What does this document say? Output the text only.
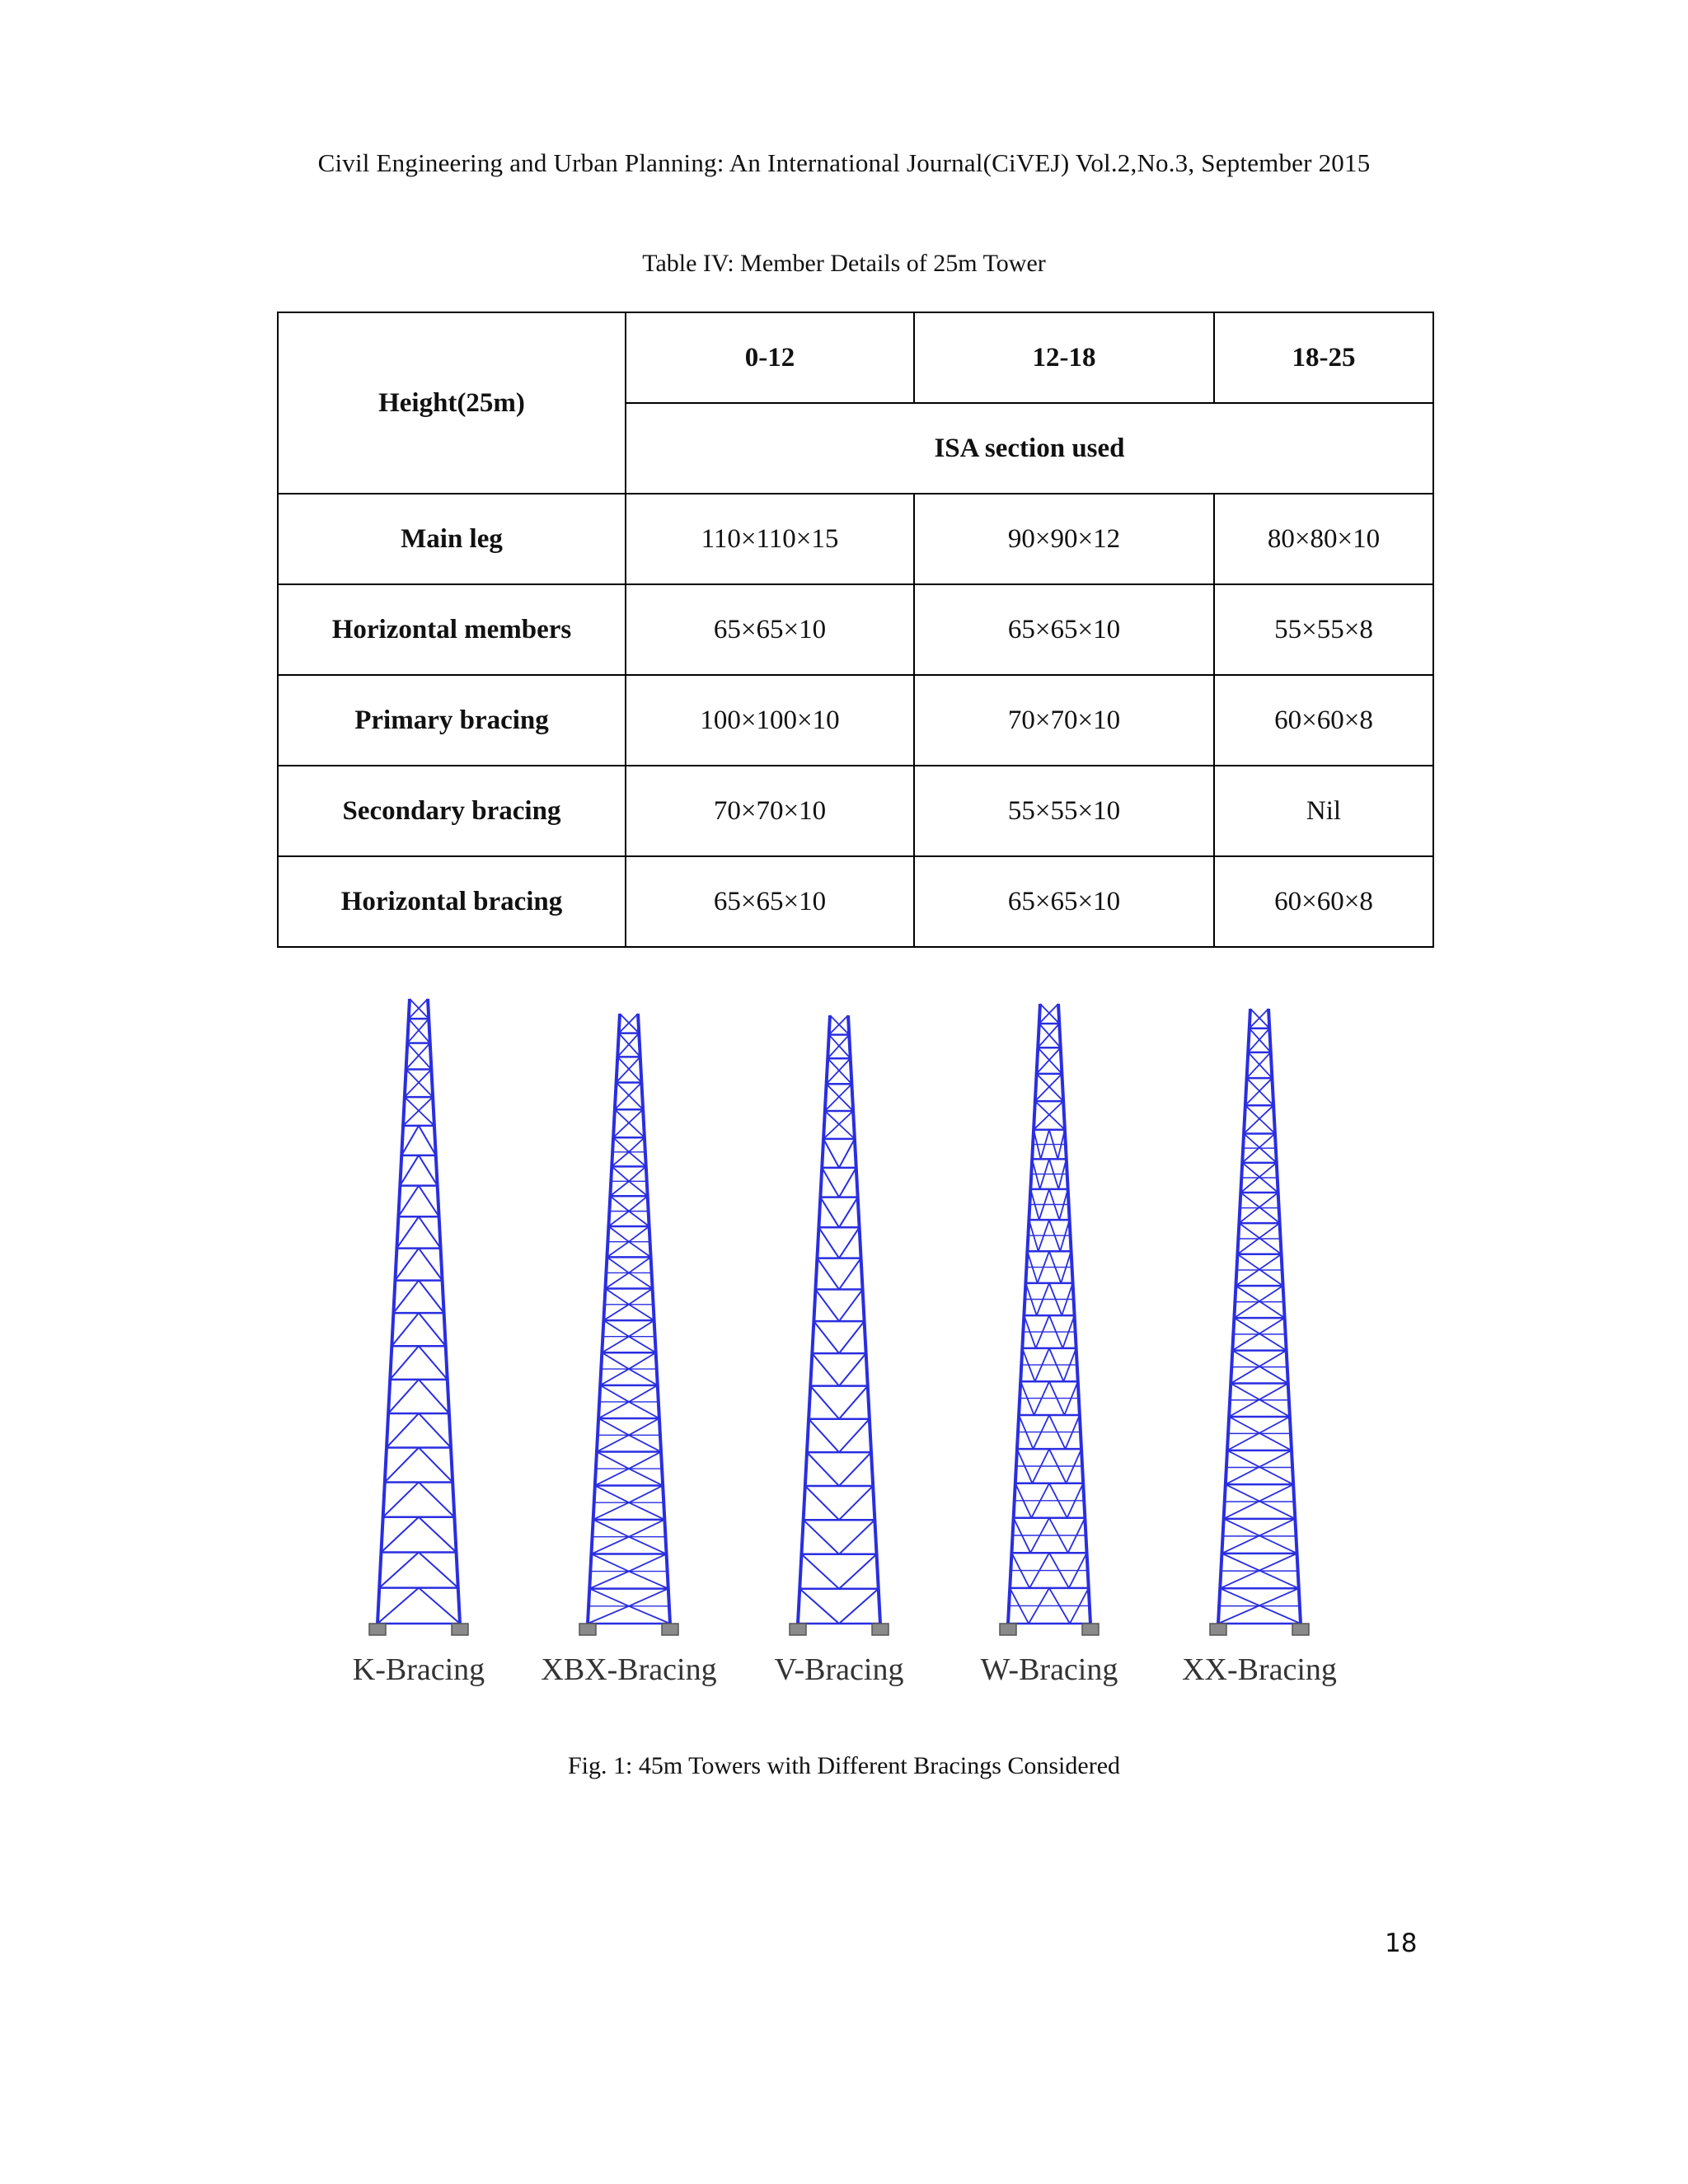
Civil Engineering and Urban Planning: An International Journal(CiVEJ) Vol.2,No.3, September 2015
Table IV: Member Details of 25m Tower
Height(25m)	0-12	12-18	18-25
	ISA section used		
Main leg	110×110×15	90×90×12	80×80×10
Horizontal members	65×65×10	65×65×10	55×55×8
Primary bracing	100×100×10	70×70×10	60×60×8
Secondary bracing	70×70×10	55×55×10	Nil
Horizontal bracing	65×65×10	65×65×10	60×60×8
K-Bracing XBX-Bracing V-Bracing W-Bracing XX-Bracing
Fig. 1: 45m Towers with Different Bracings Considered
18
